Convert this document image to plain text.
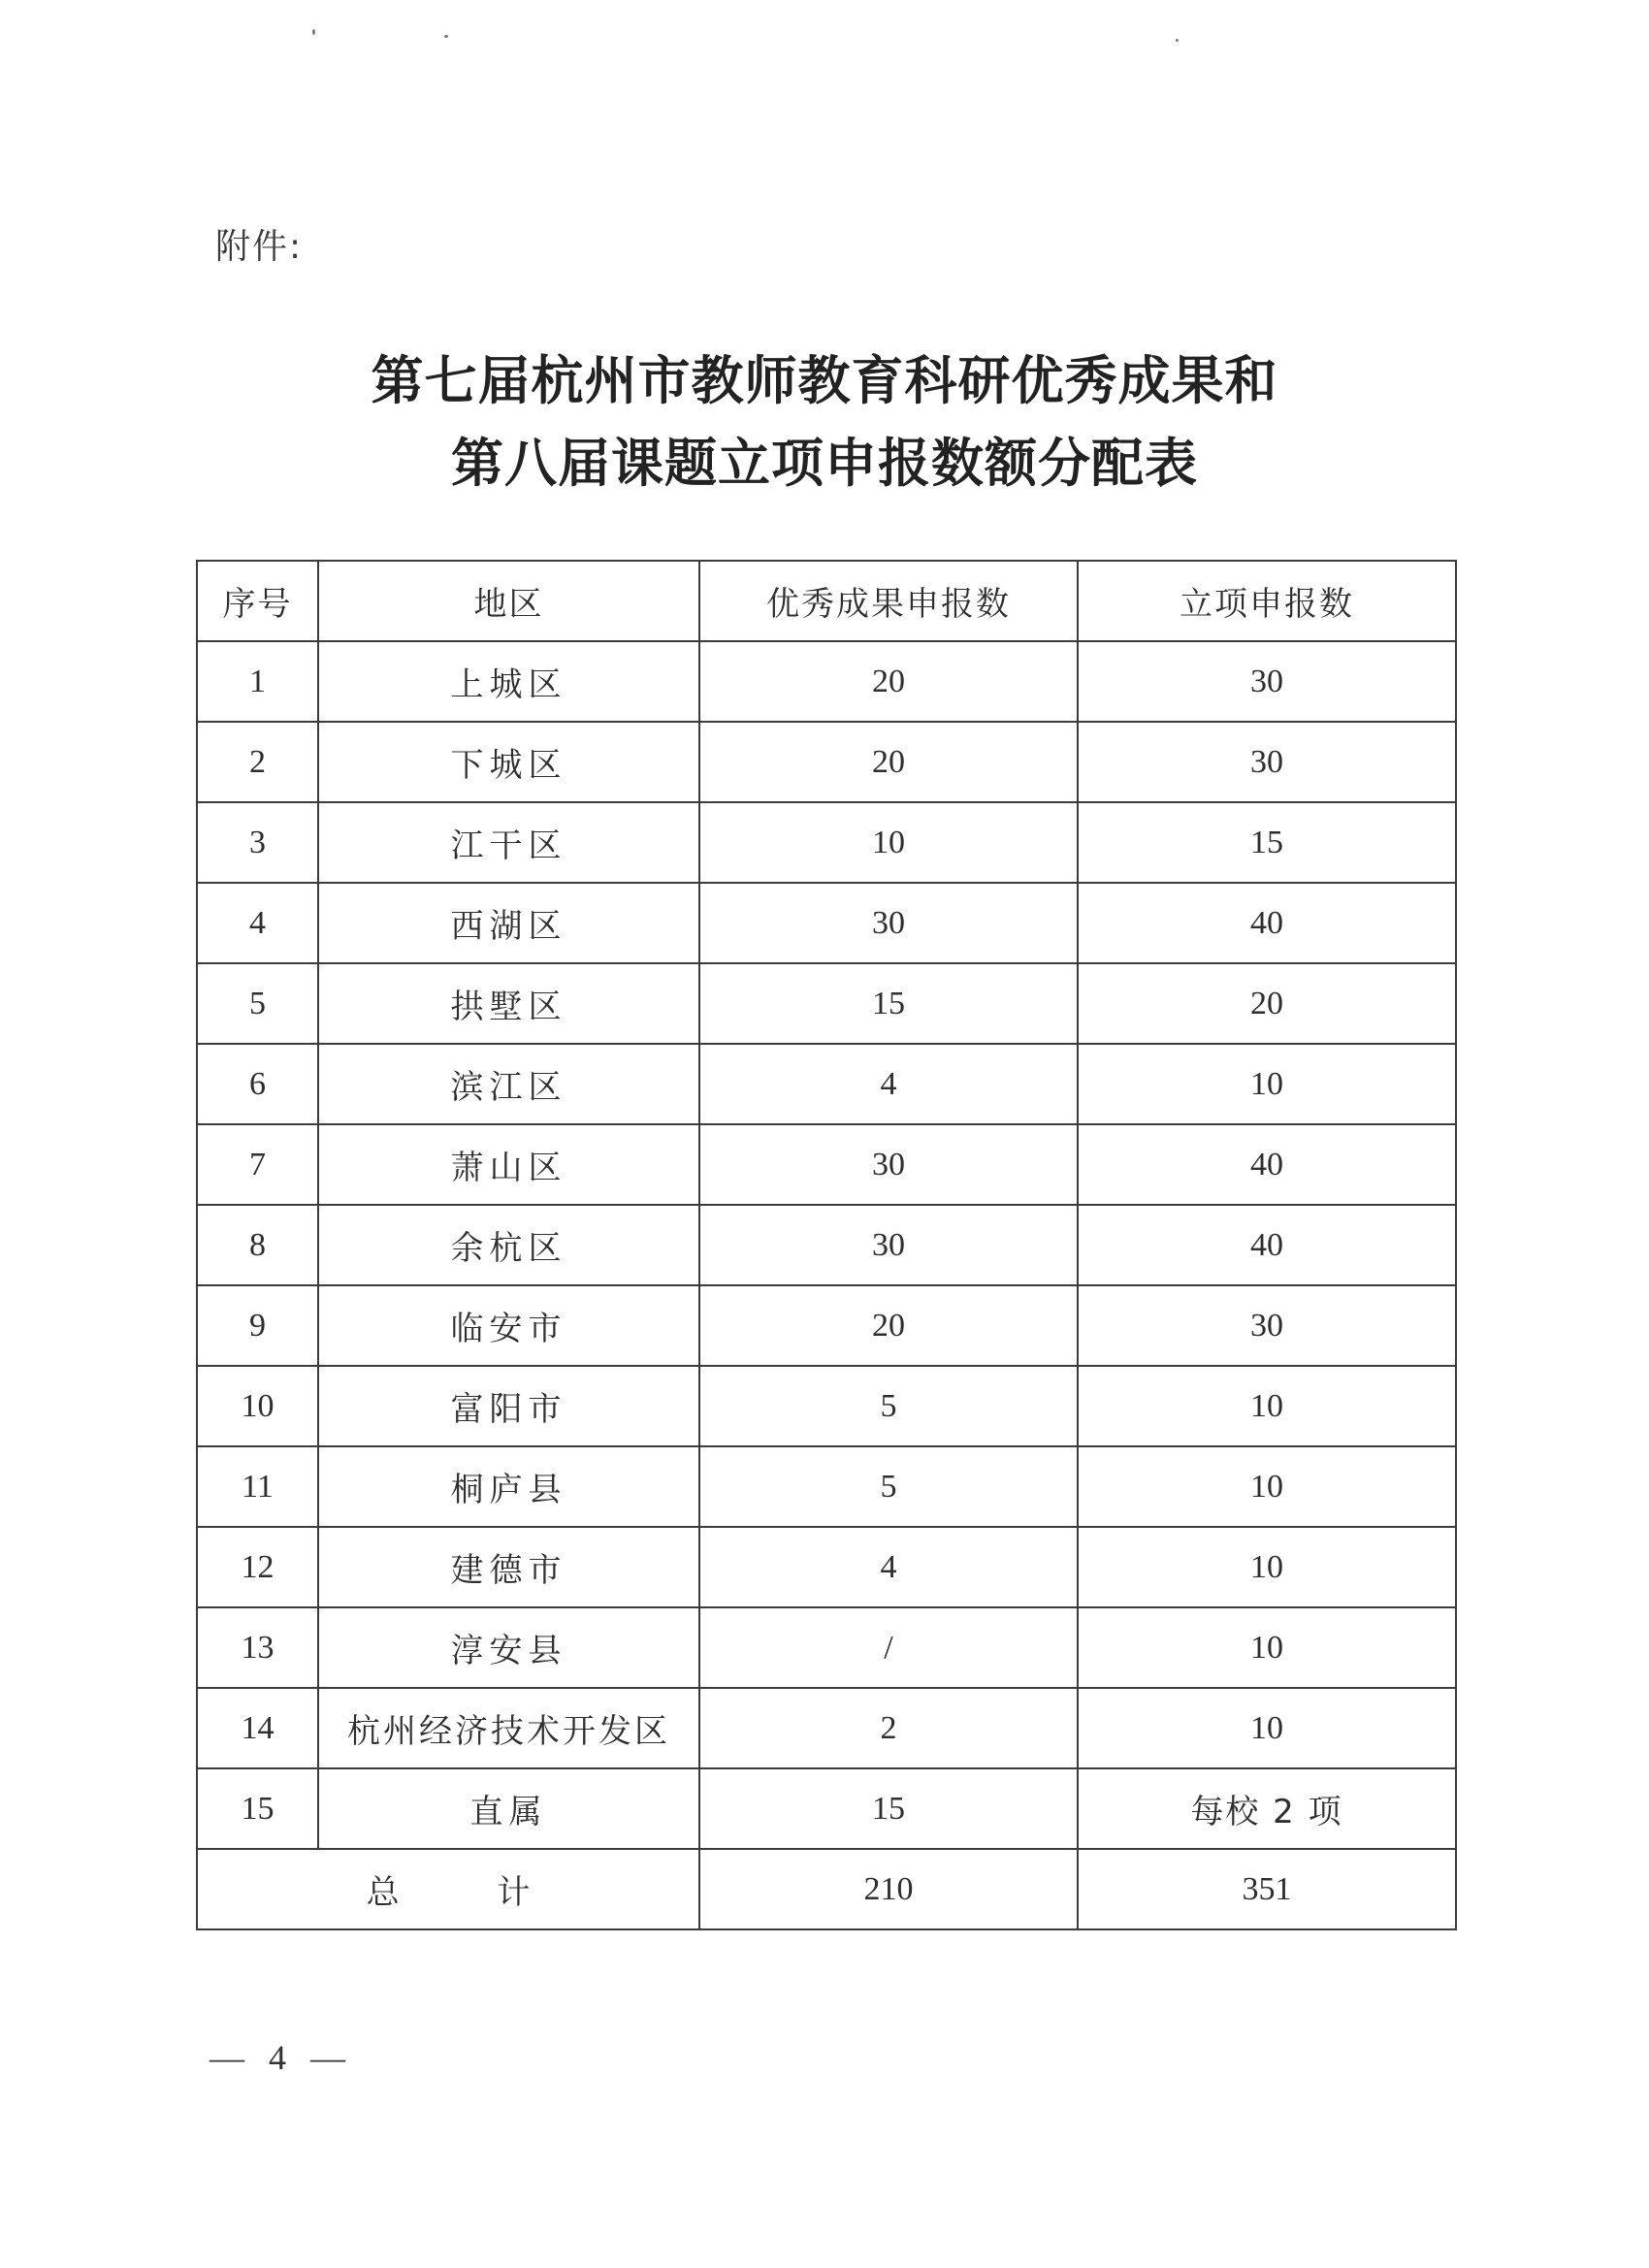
附件:
第七届杭州市教师教育科研优秀成果和
第八届课题立项申报数额分配表
序号	地区	优秀成果申报数	立项申报数
1	上城区	20	30
2	下城区	20	30
3	江干区	10	15
4	西湖区	30	40
5	拱墅区	15	20
6	滨江区	4	10
7	萧山区	30	40
8	余杭区	30	40
9	临安市	20	30
10	富阳市	5	10
11	桐庐县	5	10
12	建德市	4	10
13	淳安县	/	10
14	杭州经济技术开发区	2	10
15	直属	15	每校 2 项
总 计		210	351
— 4 —
